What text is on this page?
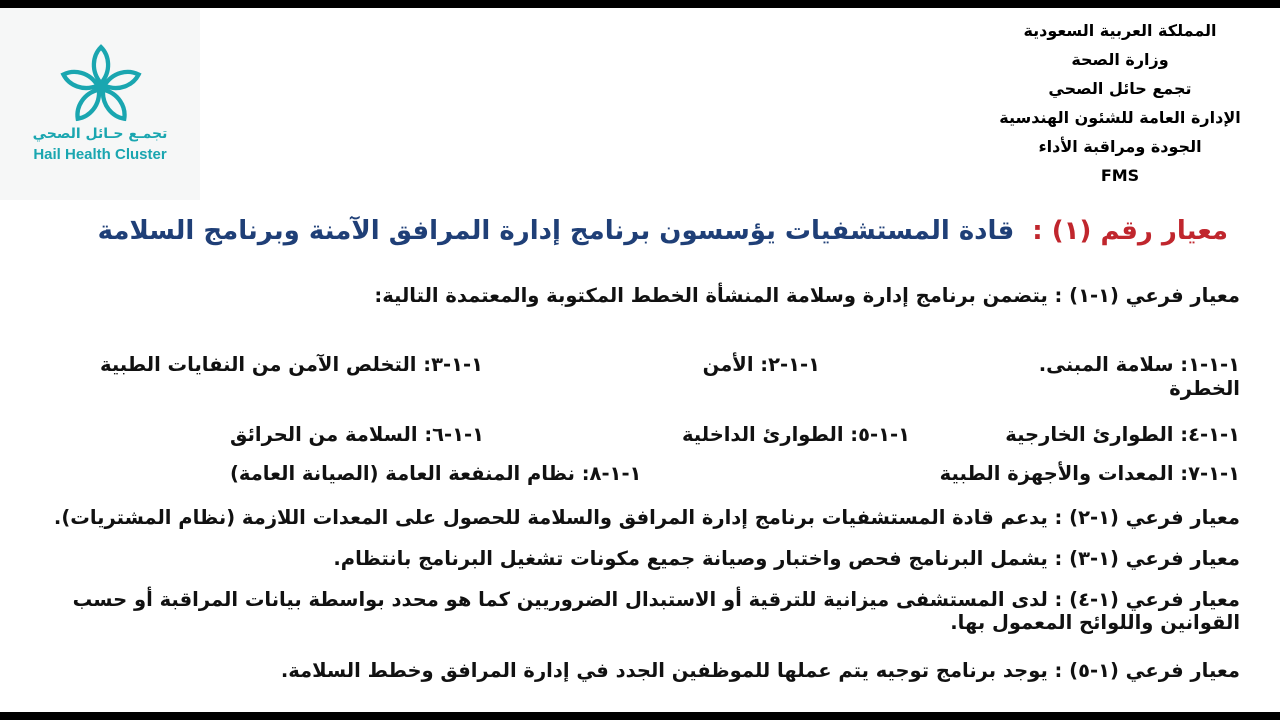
تجمـع حـائل الصحي
Hail Health Cluster
المملكة العربية السعودية
وزارة الصحة
تجمع حائل الصحي
الإدارة العامة للشئون الهندسية
الجودة ومراقبة الأداء
FMS
معيار رقم (١) :قادة المستشفيات يؤسسون برنامج إدارة المرافق الآمنة وبرنامج السلامة
معيار فرعي (١-١) : يتضمن برنامج إدارة وسلامة المنشأة الخطط المكتوبة والمعتمدة التالية:
١-١-١: سلامة المبنى.
١-١-٢: الأمن
١-١-٣: التخلص الآمن من النفايات الطبية
الخطرة
١-١-٤: الطوارئ الخارجية
١-١-٥: الطوارئ الداخلية
١-١-٦: السلامة من الحرائق
١-١-٧: المعدات والأجهزة الطبية
١-١-٨: نظام المنفعة العامة (الصيانة العامة)
معيار فرعي (١-٢) : يدعم قادة المستشفيات برنامج إدارة المرافق والسلامة للحصول على المعدات اللازمة (نظام المشتريات).
معيار فرعي (١-٣) : يشمل البرنامج فحص واختبار وصيانة جميع مكونات تشغيل البرنامج بانتظام.
معيار فرعي (١-٤) : لدى المستشفى ميزانية للترقية أو الاستبدال الضروريين كما هو محدد بواسطة بيانات المراقبة أو حسب القوانين واللوائح المعمول بها.
معيار فرعي (١-٥) : يوجد برنامج توجيه يتم عملها للموظفين الجدد في إدارة المرافق وخطط السلامة.
